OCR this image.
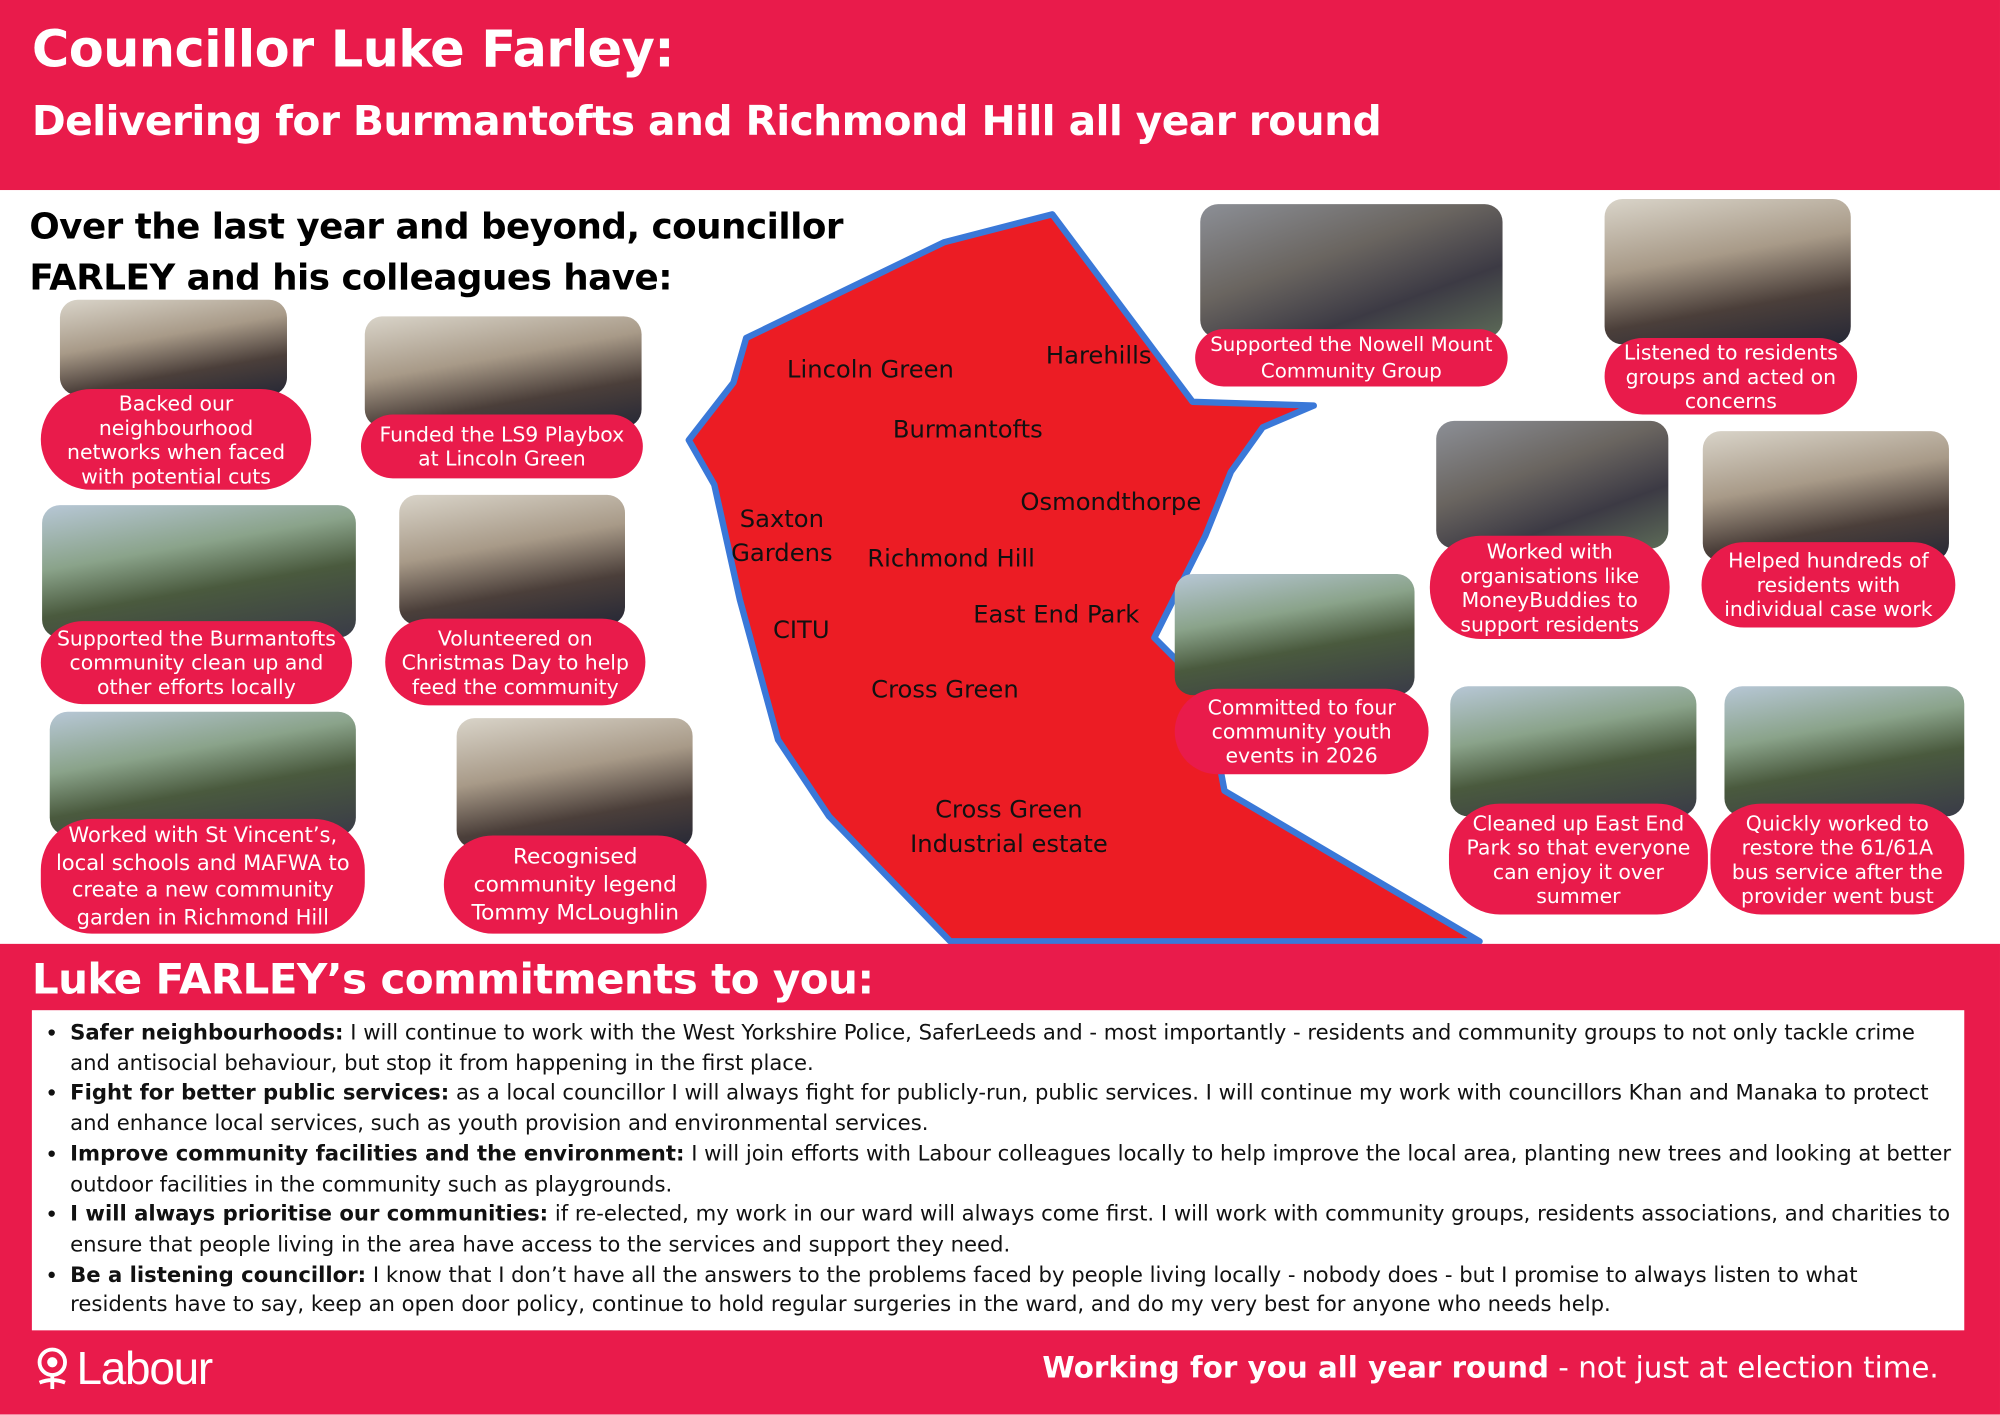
Councillor Luke Farley:
Delivering for Burmantofts and Richmond Hill all year round
Over the last year and beyond, councillor FARLEY and his colleagues have:
Lincoln Green	Harehills
Burmantofts
Osmondthorpe
Saxton Gardens Richmond Hill
East End Park
CITU
Cross Green
Cross Green Industrial estate
Backed our neighbourhood networks when faced with potential cuts
Funded the LS9 Playbox at Lincoln Green
Supported the Burmantofts community clean up and other efforts locally
Volunteered on Christmas Day to help feed the community
Worked with St Vincent’s, local schools and MAFWA to create a new community garden in Richmond Hill
Recognised community legend Tommy McLoughlin
Supported the Nowell Mount Community Group
Listened to residents groups and acted on concerns
Worked with organisations like MoneyBuddies to support residents
Helped hundreds of residents with individual case work
Committed to four community youth events in 2026
Cleaned up East End Park so that everyone can enjoy it over summer
Quickly worked to restore the 61/61A bus service after the provider went bust
Luke FARLEY’s commitments to you:
• Safer neighbourhoods: I will continue to work with the West Yorkshire Police, SaferLeeds and - most importantly - residents and community groups to not only tackle crime and antisocial behaviour, but stop it from happening in the first place.
• Fight for better public services: as a local councillor I will always fight for publicly-run, public services. I will continue my work with councillors Khan and Manaka to protect and enhance local services, such as youth provision and environmental services.
• Improve community facilities and the environment: I will join efforts with Labour colleagues locally to help improve the local area, planting new trees and looking at better outdoor facilities in the community such as playgrounds.
• I will always prioritise our communities: if re-elected, my work in our ward will always come first. I will work with community groups, residents associations, and charities to ensure that people living in the area have access to the services and support they need.
• Be a listening councillor: I know that I don’t have all the answers to the problems faced by people living locally - nobody does - but I promise to always listen to what residents have to say, keep an open door policy, continue to hold regular surgeries in the ward, and do my very best for anyone who needs help.
Labour	Working for you all year round - not just at election time.
